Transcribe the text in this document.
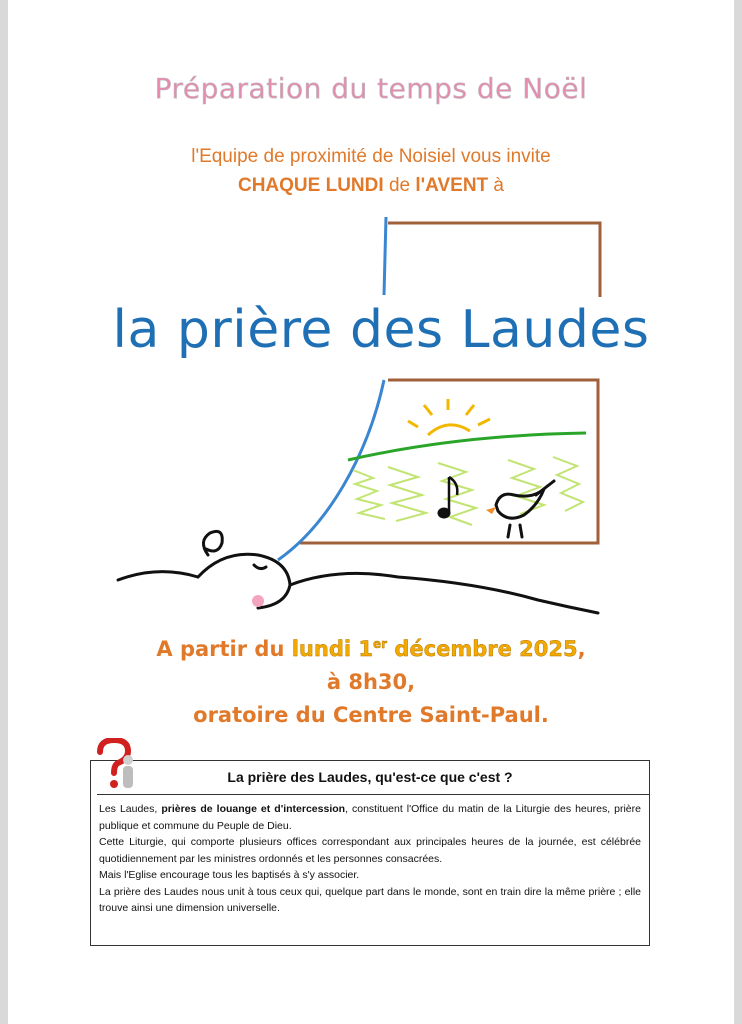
Préparation du temps de Noël
l'Equipe de proximité de Noisiel vous invite
CHAQUE LUNDI de l'AVENT à
la prière des Laudes
A partir du lundi 1er décembre 2025,
à 8h30,
oratoire du Centre Saint-Paul.
La prière des Laudes, qu'est-ce que c'est ?

Les Laudes, prières de louange et d'intercession, constituent l'Office du matin de la Liturgie des heures, prière publique et commune du Peuple de Dieu.

Cette Liturgie, qui comporte plusieurs offices correspondant aux principales heures de la journée, est célébrée quotidiennement par les ministres ordonnés et les personnes consacrées.

Mais l'Eglise encourage tous les baptisés à s'y associer.

La prière des Laudes nous unit à tous ceux qui, quelque part dans le monde, sont en train dire la même prière ; elle trouve ainsi une dimension universelle.
